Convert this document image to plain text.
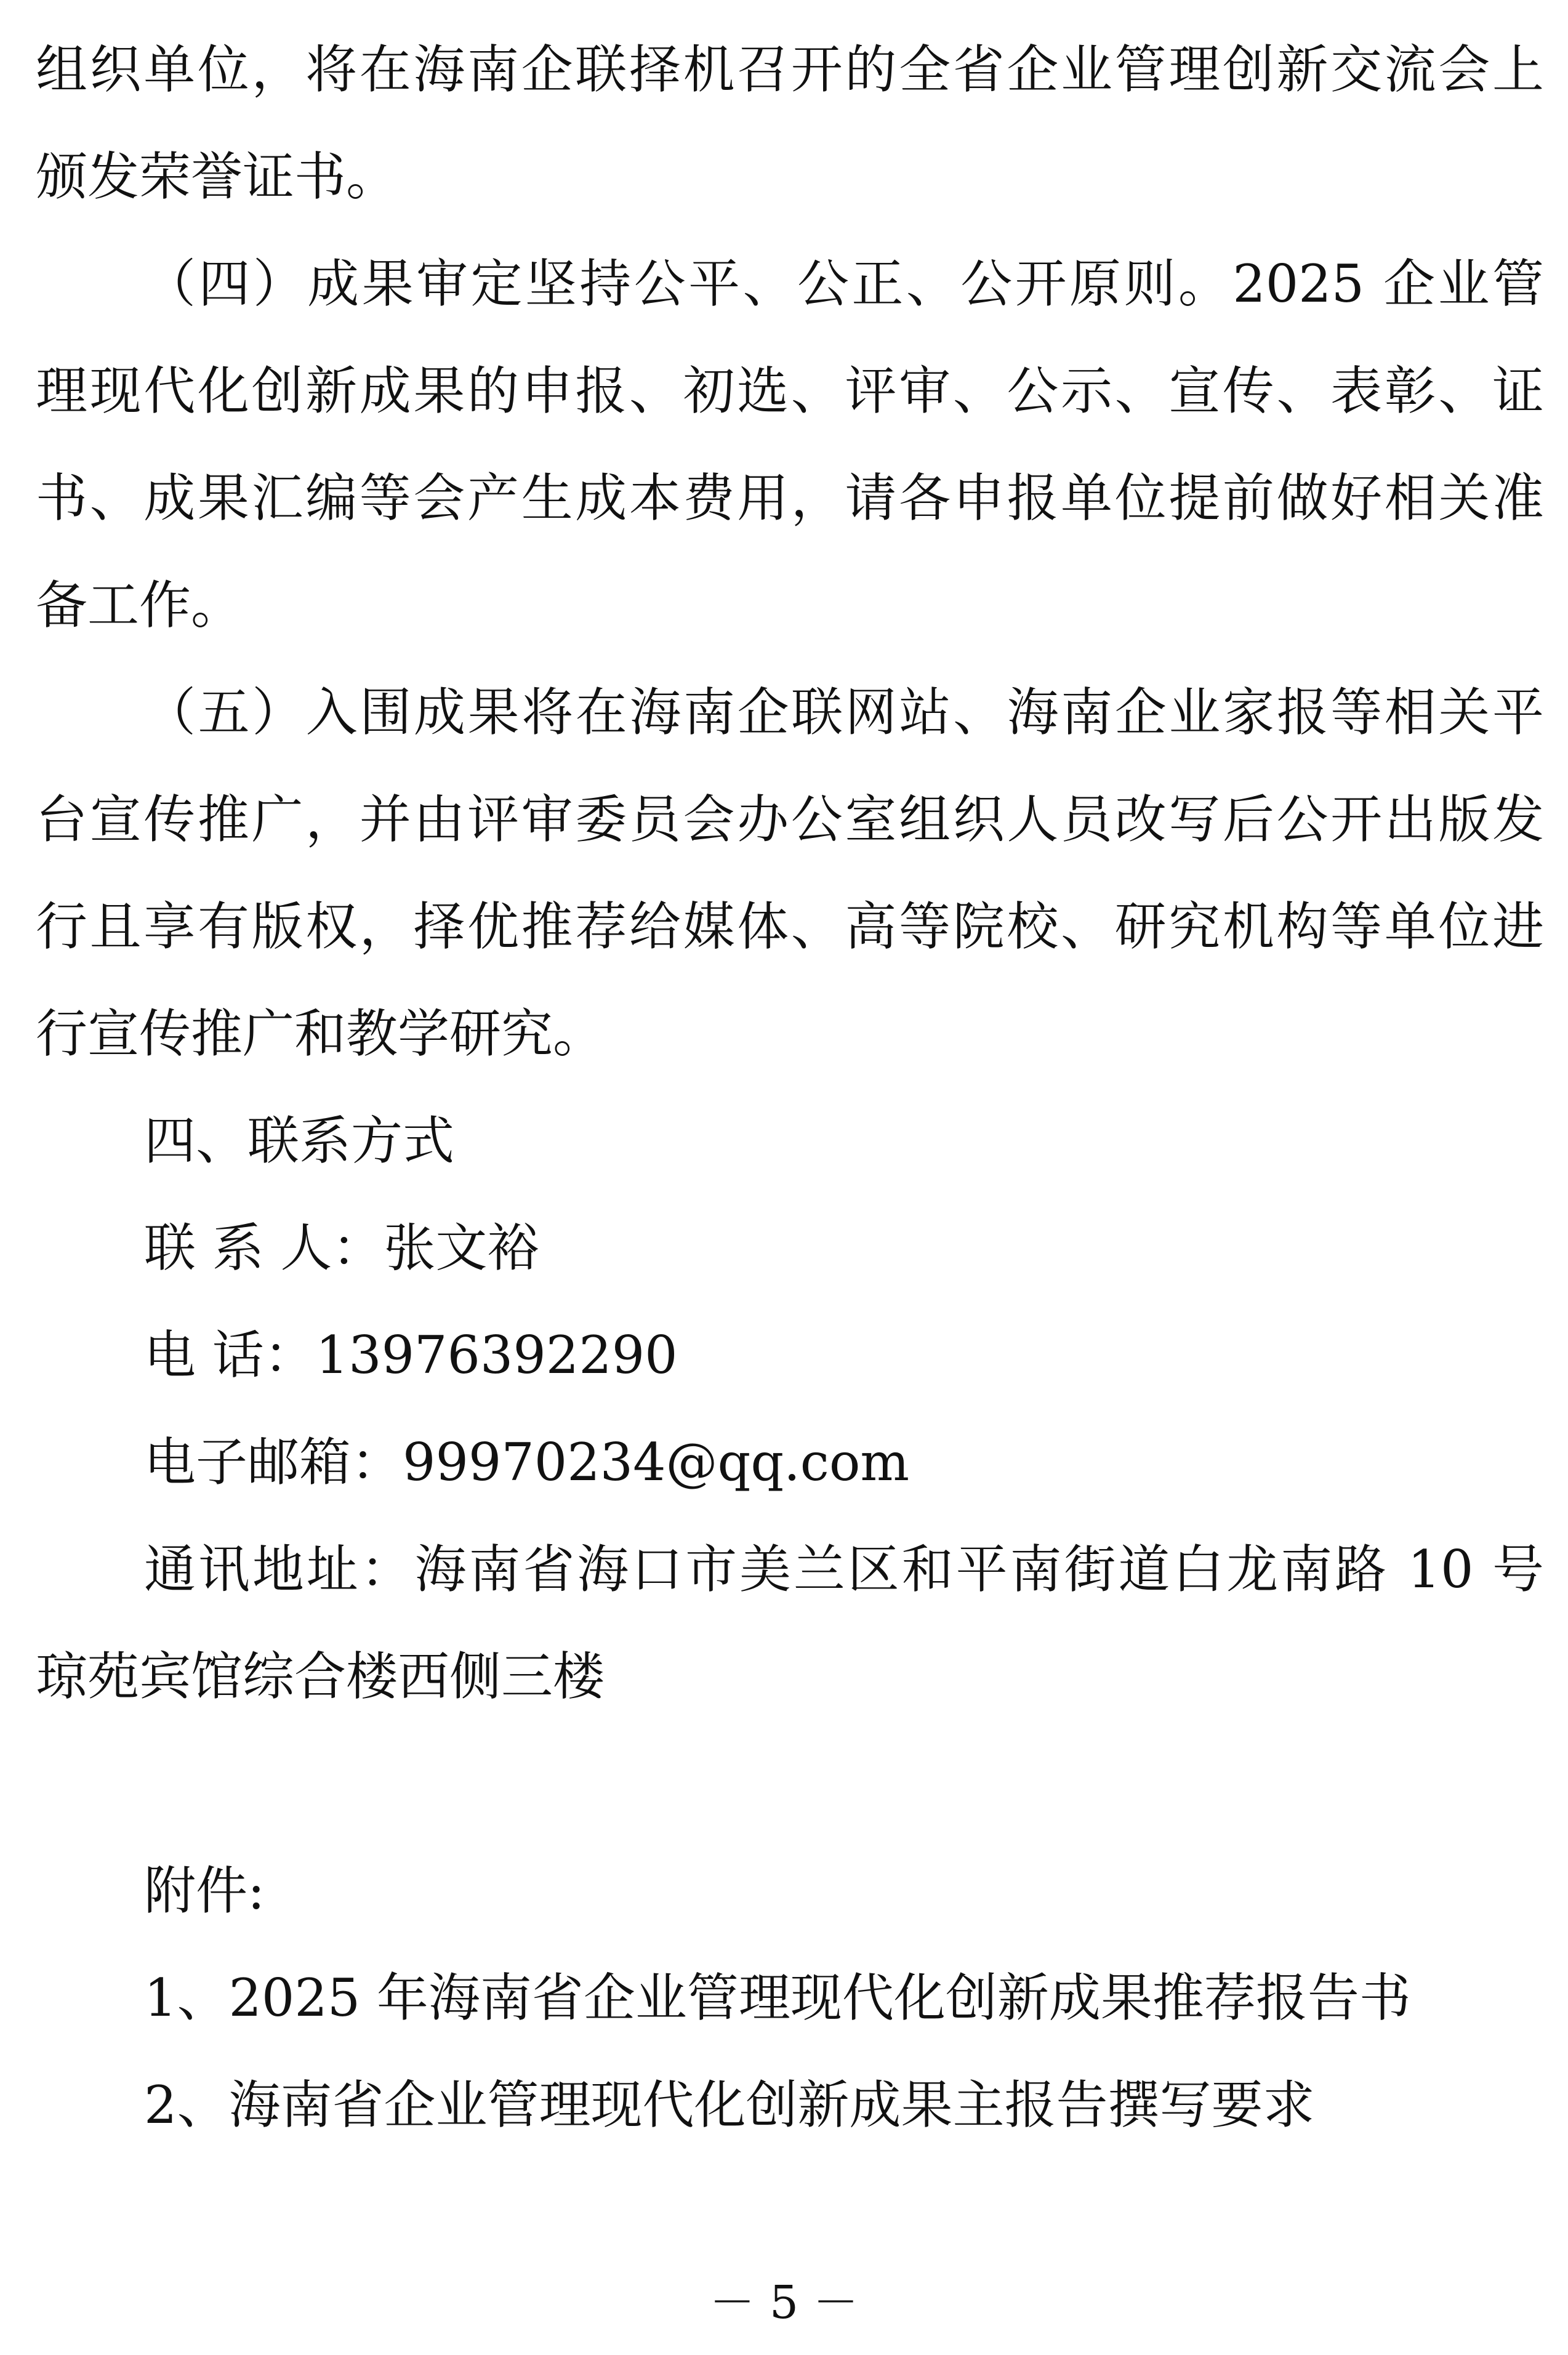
组织单位，将在海南企联择机召开的全省企业管理创新交流会上
颁发荣誉证书。
（四）成果审定坚持公平、公正、公开原则。2025 企业管
理现代化创新成果的申报、初选、评审、公示、宣传、表彰、证
书、成果汇编等会产生成本费用，请各申报单位提前做好相关准
备工作。
（五）入围成果将在海南企联网站、海南企业家报等相关平
台宣传推广，并由评审委员会办公室组织人员改写后公开出版发
行且享有版权，择优推荐给媒体、高等院校、研究机构等单位进
行宣传推广和教学研究。
四、联系方式
联 系 人：张文裕
电 话：13976392290
电子邮箱：99970234@qq.com
通讯地址：海南省海口市美兰区和平南街道白龙南路 10 号
琼苑宾馆综合楼西侧三楼
附件:
1、2025 年海南省企业管理现代化创新成果推荐报告书
2、海南省企业管理现代化创新成果主报告撰写要求
－ 5 －
